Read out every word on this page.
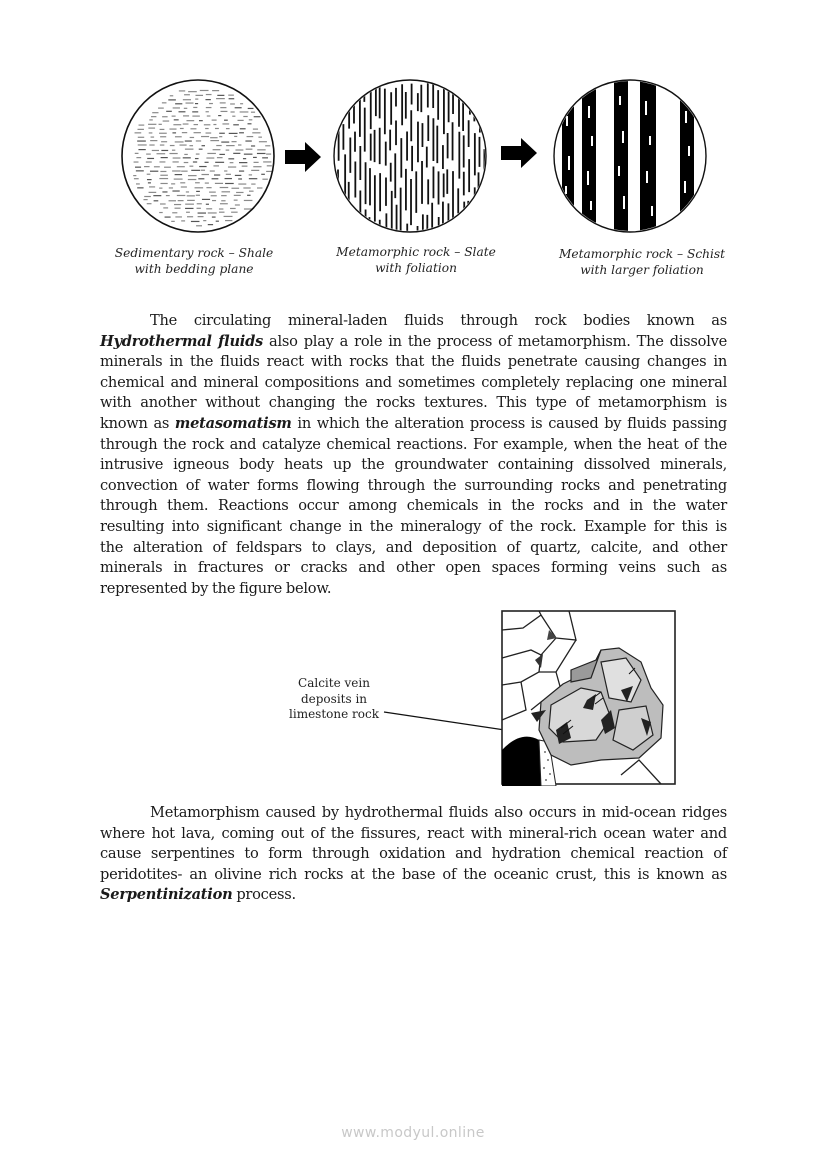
Sedimentary rock – Shale
with bedding plane
Metamorphic rock – Slate
with foliation
Metamorphic rock – Schist
with larger foliation
The circulating mineral-laden fluids through rock bodies known as
Hydrothermal fluids also play a role in the process of metamorphism. The dissolve
minerals in the fluids react with rocks that the fluids penetrate causing changes in
chemical and mineral compositions and sometimes completely replacing one mineral
with another without changing the rocks textures. This type of metamorphism is
known as metasomatism in which the alteration process is caused by fluids passing
through the rock and catalyze chemical reactions. For example, when the heat of the
intrusive igneous body heats up the groundwater containing dissolved minerals,
convection of water forms flowing through the surrounding rocks and penetrating
through them. Reactions occur among chemicals in the rocks and in the water
resulting into significant change in the mineralogy of the rock. Example for this is
the alteration of feldspars to clays, and deposition of quartz, calcite, and other
minerals in fractures or cracks and other open spaces forming veins such as
represented by the figure below.
Calcite vein
deposits in
limestone rock
Metamorphism caused by hydrothermal fluids also occurs in mid-ocean ridges
where hot lava, coming out of the fissures, react with mineral-rich ocean water and
cause serpentines to form through oxidation and hydration chemical reaction of
peridotites- an olivine rich rocks at the base of the oceanic crust, this is known as
Serpentinization process.
www.modyul.online
